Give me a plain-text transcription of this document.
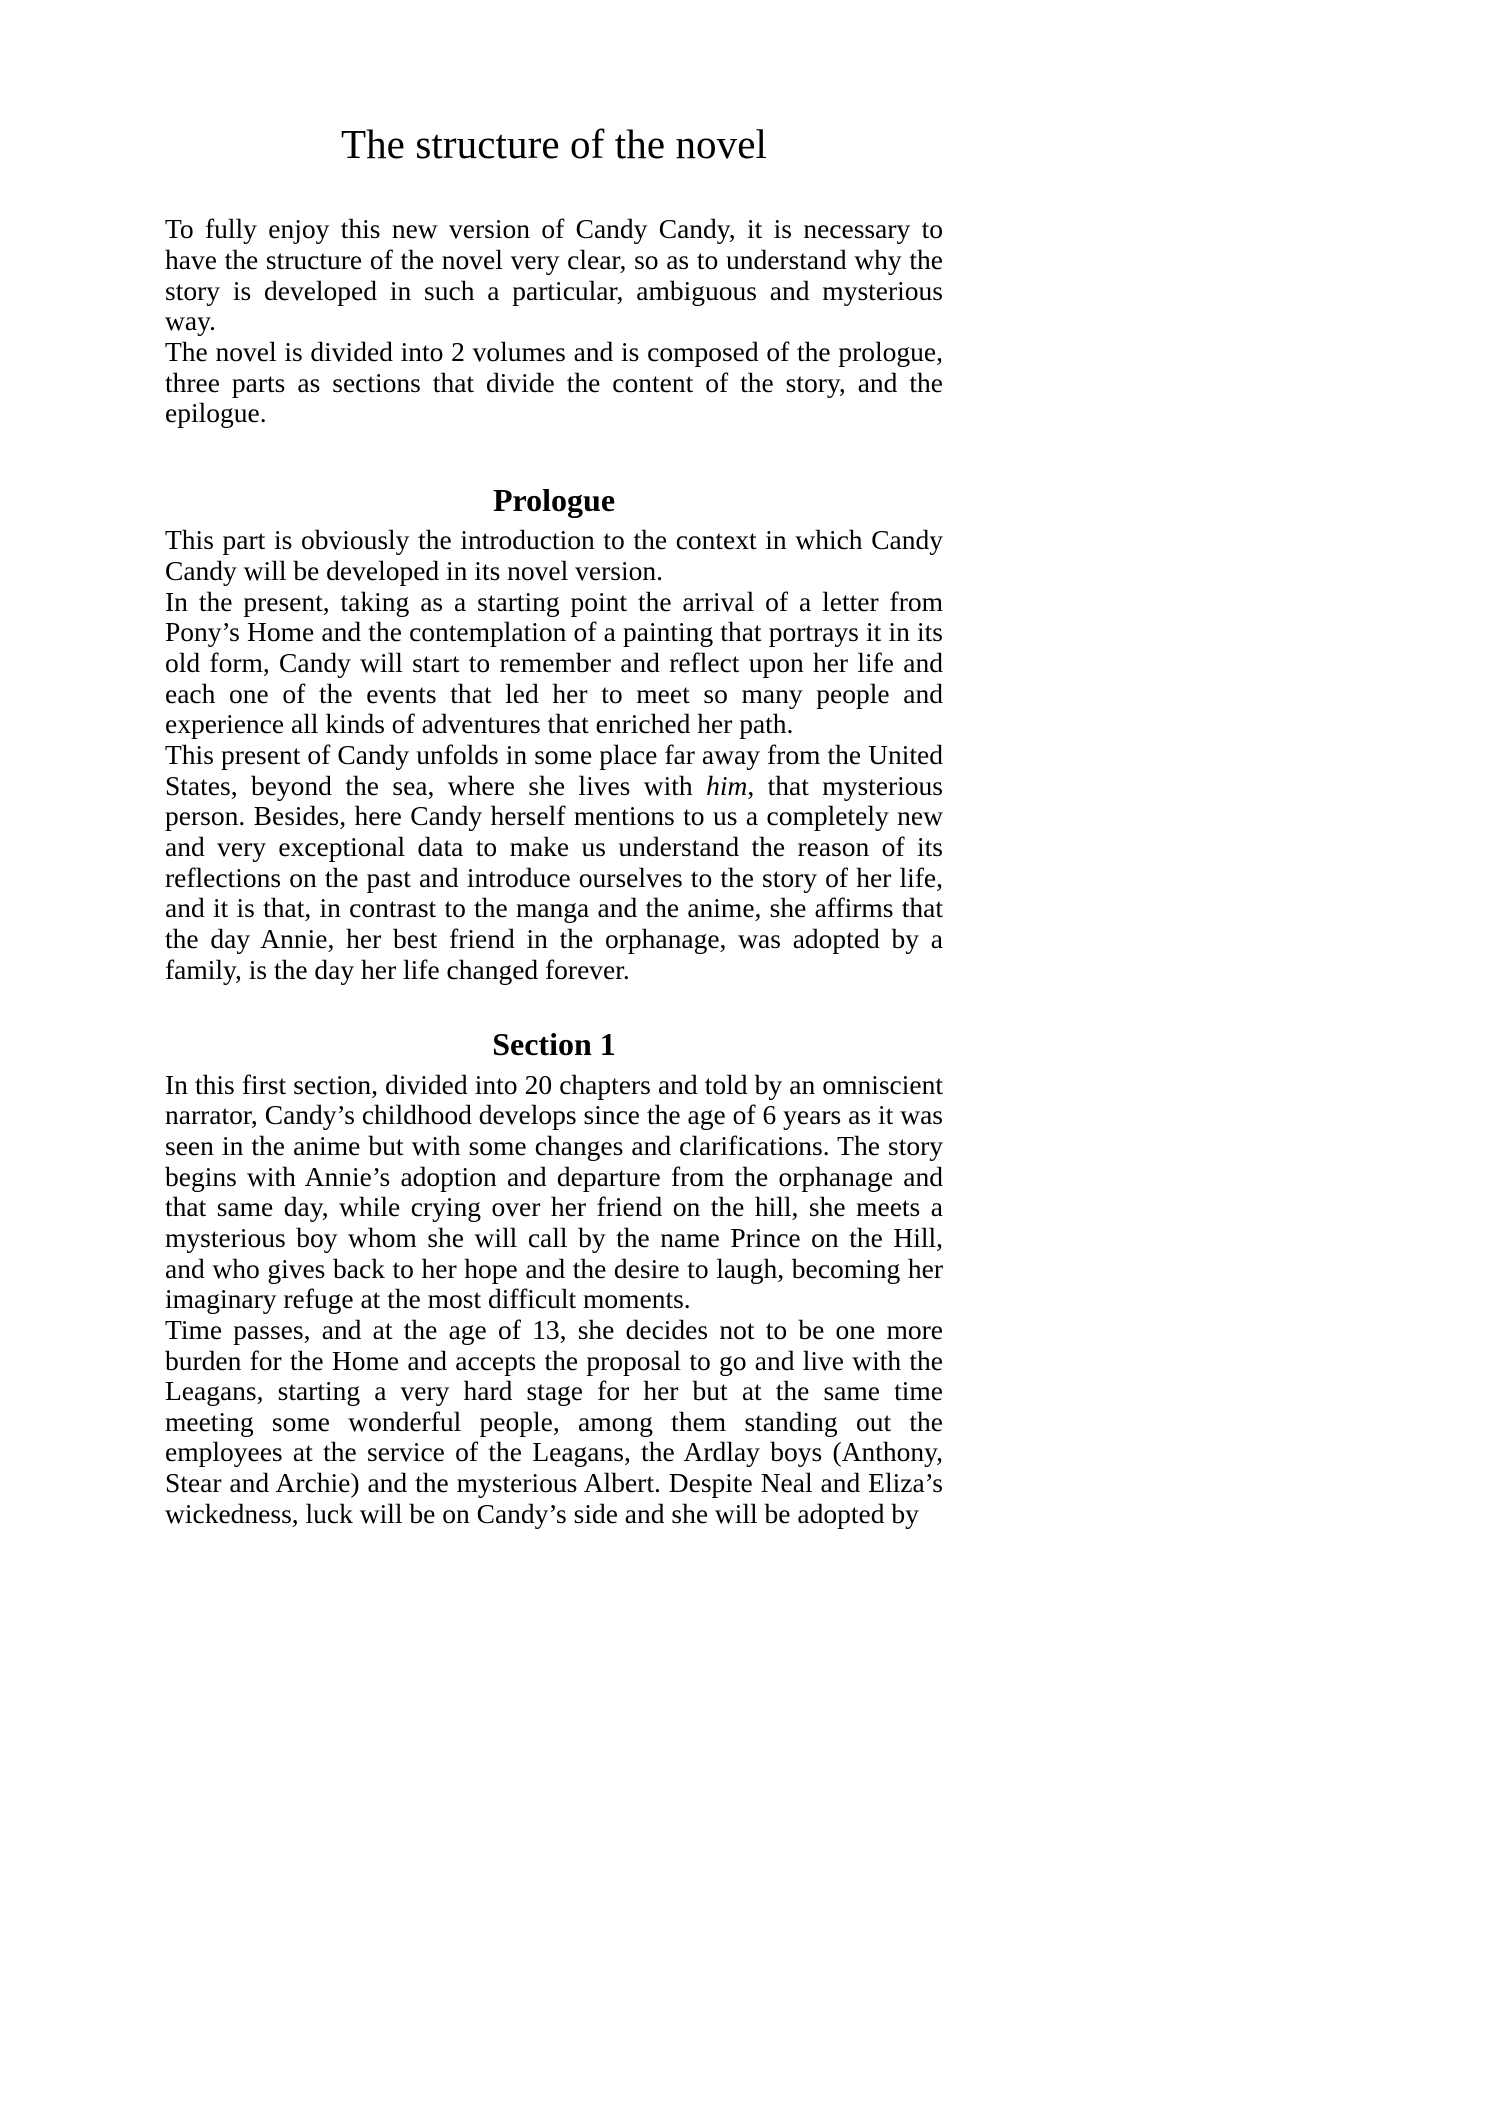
The structure of the novel

To fully enjoy this new version of Candy Candy, it is necessary to have the structure of the novel very clear, so as to understand why the story is developed in such a particular, ambiguous and mysterious way.

The novel is divided into 2 volumes and is composed of the prologue, three parts as sections that divide the content of the story, and the epilogue.

Prologue

This part is obviously the introduction to the context in which Candy Candy will be developed in its novel version.

In the present, taking as a starting point the arrival of a letter from Pony’s Home and the contemplation of a painting that portrays it in its old form, Candy will start to remember and reflect upon her life and each one of the events that led her to meet so many people and experience all kinds of adventures that enriched her path.

This present of Candy unfolds in some place far away from the United States, beyond the sea, where she lives with him, that mysterious person. Besides, here Candy herself mentions to us a completely new and very exceptional data to make us understand the reason of its reflections on the past and introduce ourselves to the story of her life, and it is that, in contrast to the manga and the anime, she affirms that the day Annie, her best friend in the orphanage, was adopted by a family, is the day her life changed forever.

Section 1

In this first section, divided into 20 chapters and told by an omniscient narrator, Candy’s childhood develops since the age of 6 years as it was seen in the anime but with some changes and clarifications. The story begins with Annie’s adoption and departure from the orphanage and that same day, while crying over her friend on the hill, she meets a mysterious boy whom she will call by the name Prince on the Hill, and who gives back to her hope and the desire to laugh, becoming her imaginary refuge at the most difficult moments.

Time passes, and at the age of 13, she decides not to be one more burden for the Home and accepts the proposal to go and live with the Leagans, starting a very hard stage for her but at the same time meeting some wonderful people, among them standing out the employees at the service of the Leagans, the Ardlay boys (Anthony, Stear and Archie) and the mysterious Albert. Despite Neal and Eliza’s wickedness, luck will be on Candy’s side and she will be adopted by
